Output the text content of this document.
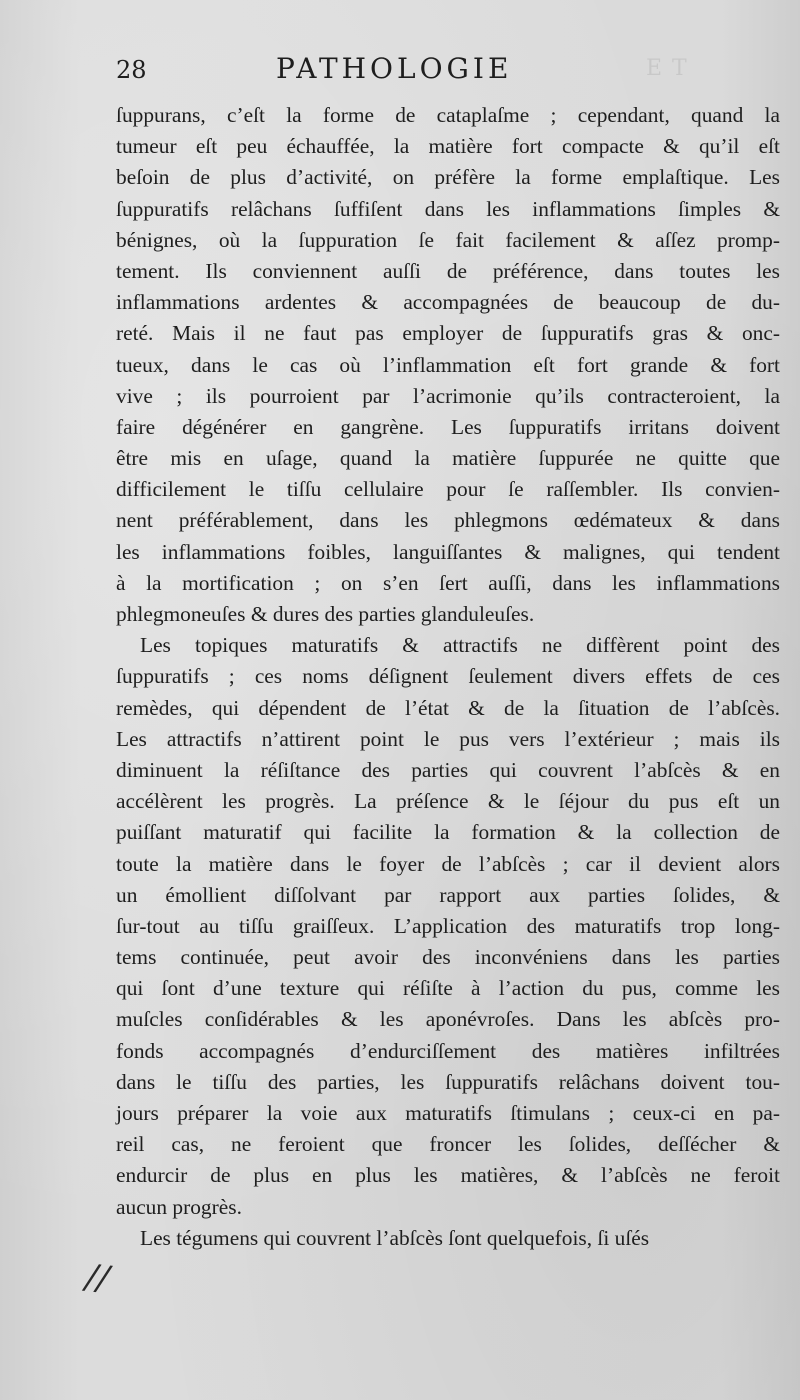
28	PATHOLOGIE	ET
ſuppurans, c’eſt la forme de cataplaſme ; cependant, quand la
tumeur eſt peu échauffée, la matière fort compacte & qu’il eſt
beſoin de plus d’activité, on préfère la forme emplaſtique. Les
ſuppuratifs relâchans ſuffiſent dans les inflammations ſimples &
bénignes, où la ſuppuration ſe fait facilement & aſſez promp-
tement. Ils conviennent auſſi de préférence, dans toutes les
inflammations ardentes & accompagnées de beaucoup de du-
reté. Mais il ne faut pas employer de ſuppuratifs gras & onc-
tueux, dans le cas où l’inflammation eſt fort grande & fort
vive ; ils pourroient par l’acrimonie qu’ils contracteroient, la
faire dégénérer en gangrène. Les ſuppuratifs irritans doivent
être mis en uſage, quand la matière ſuppurée ne quitte que
difficilement le tiſſu cellulaire pour ſe raſſembler. Ils convien-
nent préférablement, dans les phlegmons œdémateux & dans
les inflammations foibles, languiſſantes & malignes, qui tendent
à la mortification ; on s’en ſert auſſi, dans les inflammations
phlegmoneuſes & dures des parties glanduleuſes.
Les topiques maturatifs & attractifs ne diffèrent point des
ſuppuratifs ; ces noms déſignent ſeulement divers effets de ces
remèdes, qui dépendent de l’état & de la ſituation de l’abſcès.
Les attractifs n’attirent point le pus vers l’extérieur ; mais ils
diminuent la réſiſtance des parties qui couvrent l’abſcès & en
accélèrent les progrès. La préſence & le ſéjour du pus eſt un
puiſſant maturatif qui facilite la formation & la collection de
toute la matière dans le foyer de l’abſcès ; car il devient alors
un émollient diſſolvant par rapport aux parties ſolides, &
ſur-tout au tiſſu graiſſeux. L’application des maturatifs trop long-
tems continuée, peut avoir des inconvéniens dans les parties
qui ſont d’une texture qui réſiſte à l’action du pus, comme les
muſcles conſidérables & les aponévroſes. Dans les abſcès pro-
fonds accompagnés d’endurciſſement des matières infiltrées
dans le tiſſu des parties, les ſuppuratifs relâchans doivent tou-
jours préparer la voie aux maturatifs ſtimulans ; ceux-ci en pa-
reil cas, ne feroient que froncer les ſolides, deſſécher &
endurcir de plus en plus les matières, & l’abſcès ne feroit
aucun progrès.
Les tégumens qui couvrent l’abſcès ſont quelquefois, ſi uſés
//
